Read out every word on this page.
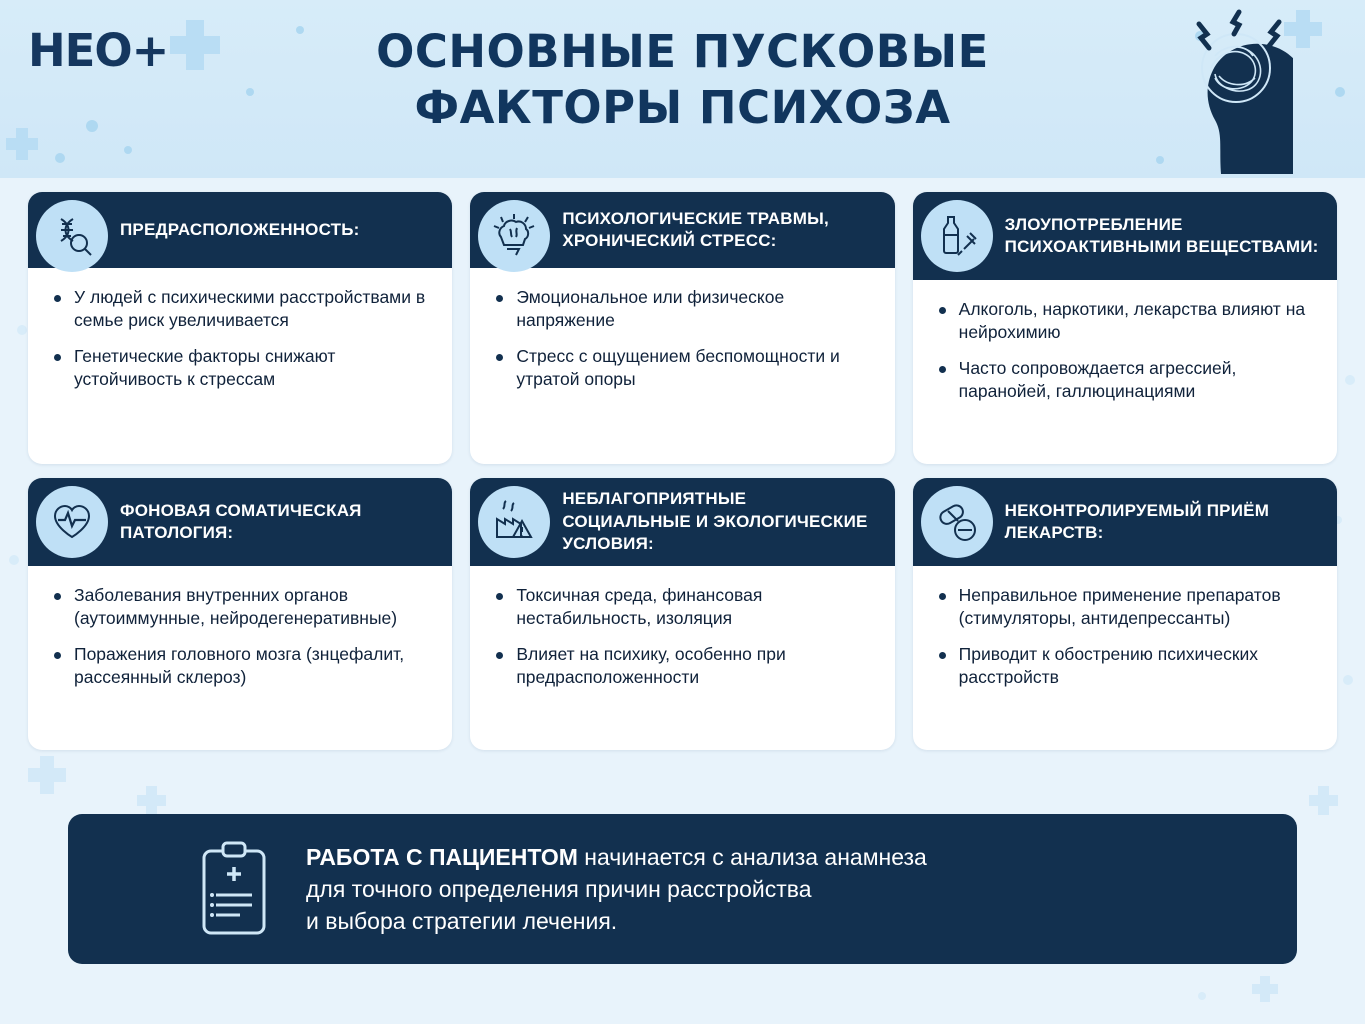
НЕО+	ОСНОВНЫЕ ПУСКОВЫЕ
ФАКТОРЫ ПСИХОЗА
ПРЕДРАСПОЛОЖЕННОСТЬ:
У людей с психическими расстройствами в семье риск увеличивается
Генетические факторы снижают устойчивость к стрессам
ПСИХОЛОГИЧЕСКИЕ ТРАВМЫ, ХРОНИЧЕСКИЙ СТРЕСС:
Эмоциональное или физическое напряжение
Стресс с ощущением беспомощности и утратой опоры
ЗЛОУПОТРЕБЛЕНИЕ ПСИХОАКТИВНЫМИ ВЕЩЕСТВАМИ:
Алкоголь, наркотики, лекарства влияют на нейрохимию
Часто сопровождается агрессией, паранойей, галлюцинациями
ФОНОВАЯ СОМАТИЧЕСКАЯ ПАТОЛОГИЯ:
Заболевания внутренних органов (аутоиммунные, нейродегенеративные)
Поражения головного мозга (знцефалит, рассеянный склероз)
НЕБЛАГОПРИЯТНЫЕ СОЦИАЛЬНЫЕ И ЭКОЛОГИЧЕСКИЕ УСЛОВИЯ:
Токсичная среда, финансовая нестабильность, изоляция
Влияет на психику, особенно при предрасположенности
НЕКОНТРОЛИРУЕМЫЙ ПРИЁМ ЛЕКАРСТВ:
Неправильное применение препаратов (стимуляторы, антидепрессанты)
Приводит к обострению психических расстройств
РАБОТА С ПАЦИЕНТОМ начинается с анализа анамнеза
для точного определения причин расстройства
и выбора стратегии лечения.
